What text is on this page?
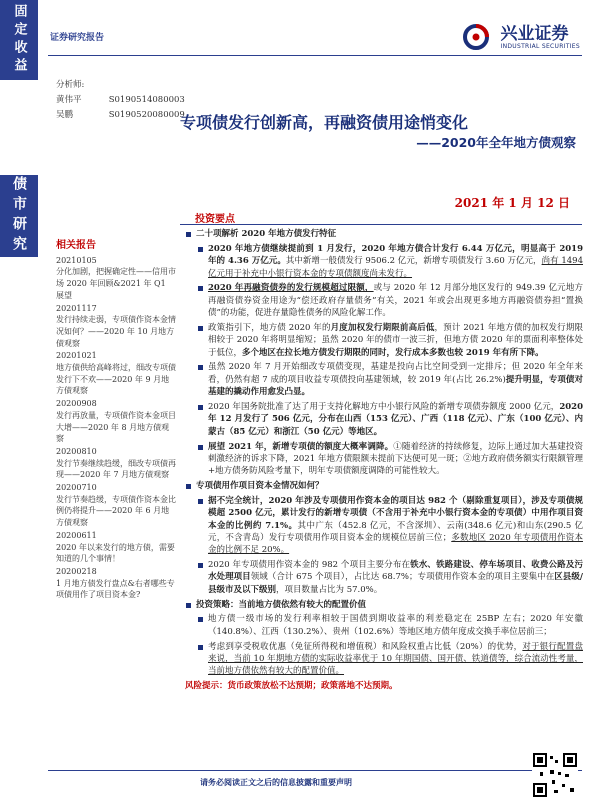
固定收益
债市研究
证券研究报告	兴业证券
INDUSTRIAL SECURITIES
分析师:
黄伟平	S0190514080003
吴鹏	S0190520080009
专项债发行创新高，再融资债用途悄变化
——2020年全年地方债观察
2021 年 1 月 12 日
投资要点
相关报告
20210105
分化加剧，把握确定性——信用市场 2020 年回顾&2021 年 Q1 展望
20201117
发行持续走弱，专项债作资本金情况如何？——2020 年 10 月地方债观察
20201021
地方债供给高峰将过，细改专项债发行下不欢——2020 年 9 月地方债观察
20200908
发行再放量，专项债作资本金项目大增——2020 年 8 月地方债观察
20200810
发行节奏继续趋缓，细改专项债再现——2020 年 7 月地方债观察
20200710
发行节奏趋缓，专项债作资本金比例仍将提升——2020 年 6 月地方债观察
20200611
2020 年以来发行的地方债，需要知道的几个事情！
20200218
1 月地方债发行盘点&右者哪些专项债用作了项目资本金?

二十项解析 2020 年地方债发行特征

2020 年地方债继续提前到 1 月发行，2020 年地方债合计发行 6.44 万亿元，明显高于 2019 年的 4.36 万亿元。其中新增一般债发行 9506.2 亿元，新增专项债发行 3.60 万亿元，尚有 1494 亿元用于补充中小银行资本金的专项债额度尚未发行。

2020 年再融资债券的发行规模超过限额，或与 2020 年 12 月部分地区发行的 949.39 亿元地方再融资债券资金用途为“偿还政府存量债务”有关，2021 年或会出现更多地方再融资债券担“置换债”的功能，促进存量隐性债务的风险化解工作。

政策指引下，地方债 2020 年的月度加权发行期限前高后低，预计 2021 年地方债的加权发行期限相较于 2020 年将明显缩短；虽然 2020 年的债市一波三折，但地方债 2020 年的票面利率整体处于低位，多个地区在拉长地方债发行期限的同时，发行成本多数也较 2019 年有所下降。

虽然 2020 年 7 月开始细改专项债变现，基建是投向占比空间受到一定排斥；但 2020 年全年来看，仍然有超 7 成的项目收益专项债投向基建领域，较 2019 年(占比 26.2%)提升明显，专项债对基建的撬动作用愈发凸显。

2020 年国务院批准了达了用于支持化解地方中小银行风险的新增专项债券额度 2000 亿元，2020 年 12 月发行了 506 亿元，分布在山西（153 亿元）、广西（118 亿元）、广东（100 亿元）、内蒙古（85 亿元）和浙江（50 亿元）等地区。

展望 2021 年，新增专项债的额度大概率调降。①随着经济的持续修复，边际上通过加大基建投资刺激经济的诉求下降，2021 年地方债限额未提前下达便可见一斑；②地方政府债务额实行限额管理+地方债务防风险考量下，明年专项债额度调降的可能性较大。

专项债用作项目资本金情况如何？

据不完全统计，2020 年涉及专项债用作资本金的项目达 982 个（剔除重复项目），涉及专项债规模超 2500 亿元，累计发行的新增专项债（不含用于补充中小银行资本金的专项债）中用作项目资本金的比例约 7.1%。其中广东（452.8 亿元，不含深圳）、云南(348.6 亿元)和山东(290.5 亿元，不含青岛）发行专项债用作项目资本金的规模位居前三位；多数地区 2020 年专项债用作资本金的比例不足 20%。

2020 年专项债用作资本金的 982 个项目主要分布在铁水、铁路建设、停车场项目、收费公路及污水处理项目领域（合计 675 个项目），占比达 68.7%；专项债用作资本金的项目主要集中在区县级/县级市及以下级别，项目数量占比为 57.0%。

投资策略：当前地方债依然有较大的配置价值

地方债一级市场的发行利率相较于国债到期收益率的利差稳定在 25BP 左右；2020 年安徽（140.8%）、江西（130.2%）、贵州（102.6%）等地区地方债年度成交换手率位居前三；

考虑到享受税收优惠（免征所得税和增值税）和风险权重占比低（20%）的优势，对于银行配置盘来说，当前 10 年期地方债的实际收益率优于 10 年期国债、国开债、铁道债等，综合流动性考量，当前地方债依然有较大的配置价值。

风险提示：货币政策放松不达预期；政策落地不达预期。

请务必阅读正文之后的信息披露和重要声明
